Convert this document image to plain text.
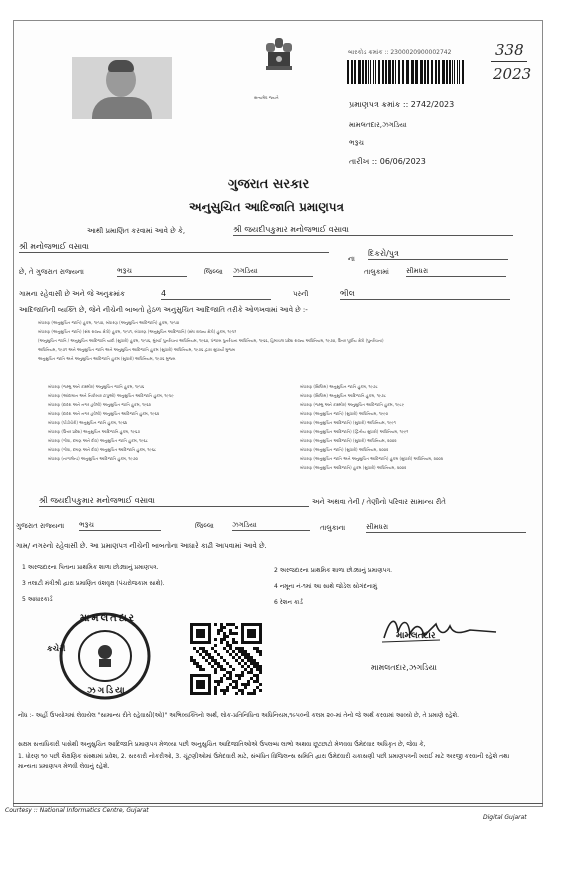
સત્યમેવ જયતે
બારકોડ ક્રમાંક :: 2300020900002742	338
2023
પ્રમાણપત્ર ક્રમાંક :: 2742/2023
મામલતદાર,ઝગડિયા
ભરૂચ
તારીખ :: 06/06/2023
ગુજરાત સરકાર
અનુસુચિત આદિજાતિ પ્રમાણપત્ર
આથી પ્રમાણિત કરવામાં આવે છે કે,	શ્રી જયદીપકુમાર મનોજભાઈ વસાવા
શ્રી મનોજભાઈ વસાવા
ના
દિકરો/પુત્ર
છે, તે ગુજરાત રાજ્યના	ભરૂચ	જિલ્લા ઝગડિયા	તાલુકામાં સીમધરા
ગામના રહેવાસી છે અને જે અનુક્રમાંક	4	પરની	ભીલ
આદિજાતિની વ્યક્તિ છે, જેને નીચેની બાબતો હેઠળ અનુસુચિત આદિજાતિ તરીકે ઓળખવામાં આવે છે :-
બંધારણ (અનુસુચિત જાતિ) હુકમ, ૧૯૫૦, બંધારણ (અનુસુચિત આદિજાતિ) હુકમ, ૧૯૫૦
બંધારણ (અનુસુચિત જાતિ) (સંઘ રાજ્ય ક્ષેત્રો) હુકમ, ૧૯૫૧, બંધારણ (અનુસુચિત આદિજાતિ) (સંઘ રાજ્ય ક્ષેત્રો) હુકમ, ૧૯૫૧
(અનુસુચિત જાતિ / અનુસુચિત આદિજાતિ યાદી (સુધારો) હુકમ, ૧૯૫૬, મુંબઈ પુનર્રચના અધિનિયમ, ૧૯૬૦, પંજાબ પુનર્રચના અધિનિયમ, ૧૯૬૬, હિમાચલ પ્રદેશ રાજ્ય અધિનિયમ, ૧૯૭૦, ઉત્તર પૂર્વીય ક્ષેત્રો (પુનર્રચના)
અધિનિયમ, ૧૯૭૧ અને અનુસુચિત જાતિ અને અનુસુચિત આદિજાતિ હુકમ (સુધારો) અધિનિયમ, ૧૯૭૬ દ્વારા સુધાર્યા મુજબ
અનુસુચિત જાતિ અને અનુસુચિત આદિજાતિ હુકમ (સુધારો) અધિનિયમ, ૧૯૭૬ મુજબ
બંધારણ (જમ્મુ અને કાશ્મીર) અનુસુચિત જાતિ હુકમ, ૧૯૫૬
બંધારણ (આંદામાન અને નિકોબાર ટાપુઓ) અનુસુચિત આદિજાતિ હુકમ, ૧૯૫૯
બંધારણ (દાદરા અને નગર હવેલી) અનુસુચિત જાતિ હુકમ, ૧૯૬૨
બંધારણ (દાદરા અને નગર હવેલી) અનુસુચિત આદિજાતિ હુકમ, ૧૯૬૨
બંધારણ (પોંડીચેરી) અનુસુચિત જાતિ હુકમ, ૧૯૬૪
બંધારણ (ઉત્તર પ્રદેશ) અનુસુચિત આદિજાતિ હુકમ, ૧૯૬૭
બંધારણ (ગોવા, દમણ અને દીવ) અનુસુચિત જાતિ હુકમ, ૧૯૬૮
બંધારણ (ગોવા, દમણ અને દીવ) અનુસુચિત આદિજાતિ હુકમ, ૧૯૬૮
બંધારણ (નાગાલેન્ડ) અનુસુચિત આદિજાતિ હુકમ, ૧૯૭૦
બંધારણ (સિક્કિમ) અનુસુચિત જાતિ હુકમ, ૧૯૭૮
બંધારણ (સિક્કિમ) અનુસુચિત આદિજાતિ હુકમ, ૧૯૭૮
બંધારણ (જમ્મુ અને કાશ્મીર) અનુસુચિત આદિજાતિ હુકમ, ૧૯૮૯
બંધારણ (અનુસુચિત જાતિ) (સુધારો) અધિનિયમ, ૧૯૯૦
બંધારણ (અનુસુચિત આદિજાતિ) (સુધારો) અધિનિયમ, ૧૯૯૧
બંધારણ (અનુસુચિત આદિજાતિ) (દ્વિતીય સુધારો) અધિનિયમ, ૧૯૯૧
બંધારણ (અનુસુચિત આદિજાતિ) (સુધારો) અધિનિયમ, ૨૦૦૨
બંધારણ (અનુસુચિત જાતિ) (સુધારો) અધિનિયમ, ૨૦૦૨
બંધારણ (અનુસુચિત જાતિ અને અનુસુચિત આદિજાતિ) હુકમ (સુધારો) અધિનિયમ, ૨૦૦૨
બંધારણ (અનુસુચિત આદિજાતિ) હુકમ (સુધારો) અધિનિયમ, ૨૦૦૨
શ્રી જયદીપકુમાર મનોજભાઈ વસાવા	અને અથવા તેની / તેણીનો પરિવાર સામાન્ય રીતે
ગુજરાત રાજ્યના ભરૂચ	જિલ્લા	ઝગડિયા	તાલુકાના	સીમધરા
ગામ/ નગરનો રહેવાસી છે. આ પ્રમાણપત્ર નીચેની બાબતોના આધારે કાઢી આપવામાં આવે છે.
1 અરજદારના પિતાના પ્રાથમિક શાળા છોડ્યાનું પ્રમાણપત્ર.	2 અરજદારના પ્રાથમિક શાળા છોડ્યાનું પ્રમાણપત્ર.
3 તલાટી મંત્રીશ્રી દ્વારા પ્રમાણિત વંશવૃક્ષ (પંચરોજકામ સાથે).	4 નમૂના નં-૧માં આ સાથે જોડેલ સોગંદનામું
5 આધારકાર્ડ	6 રેશન કાર્ડ
મામલતદાર
ઝગડિયા
કચેરી
મામલતદાર
મામલતદાર,ઝગડિયા
નોંધ :- અહીં ઉપયોગમાં લેવાયેલ "સામાન્ય રીતે રહેવાસી(ઓ)" અભિવ્યક્તિનો અર્થ, લોક-પ્રતિનિધિત્વ અધિનિયમ,૧૯૫૦ની કલમ ૨૦-માં તેનો જે અર્થ કરવામાં આવ્યો છે, તે પ્રમાણે રહેશે.
સક્ષમ સત્તાધિકારી પાસેથી અનુસુચિત આદિજાતિ પ્રમાણપત્ર મેળવ્યા પછી અનુસુચિત આદિજાતિઓએ ઉપલબ્ધ લાભો અથવા છૂટછાટો મેળવવા ઉમેદવાર અધિકૃત છે, જેવા કે,
1. ધોરણ ૧૦ પછી શૈક્ષણિક સંસ્થામાં પ્રવેશ, 2. સરકારી નોકરીઓ, 3. ચૂંટણીઓમાં ઉમેદવારી માટે, સંબંધિત વિજિલન્સ સમિતિ દ્વારા ઉમેદવારી ચકાસણી પછી પ્રમાણપત્રની ખરાઈ માટે અરજી કરવાની રહેશે તથા માન્યતા પ્રમાણપત્ર મેળવી લેવાનું રહેશે.
Courtesy :: National Informatics Centre, Gujarat
Digital Gujarat
